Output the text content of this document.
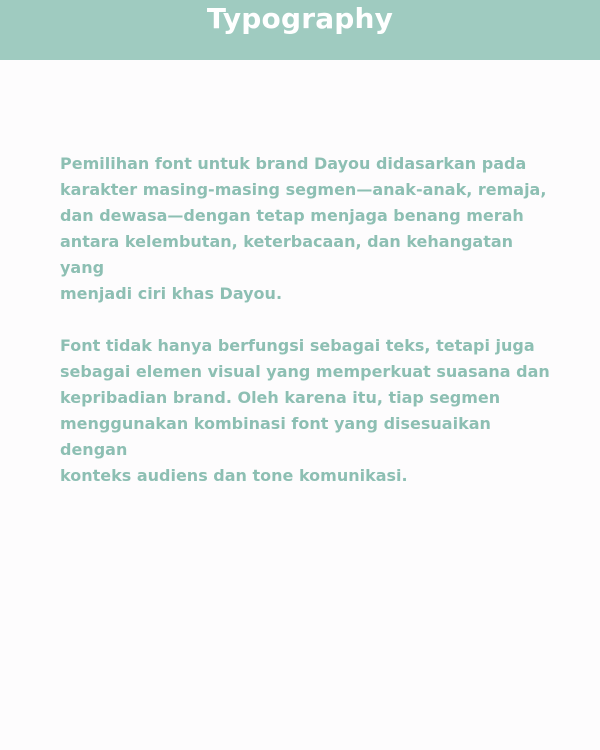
Typography

Pemilihan font untuk brand Dayou didasarkan pada
karakter masing-masing segmen—anak-anak, remaja,
dan dewasa—dengan tetap menjaga benang merah
antara kelembutan, keterbacaan, dan kehangatan yang
menjadi ciri khas Dayou.

Font tidak hanya berfungsi sebagai teks, tetapi juga
sebagai elemen visual yang memperkuat suasana dan
kepribadian brand. Oleh karena itu, tiap segmen
menggunakan kombinasi font yang disesuaikan dengan
konteks audiens dan tone komunikasi.
